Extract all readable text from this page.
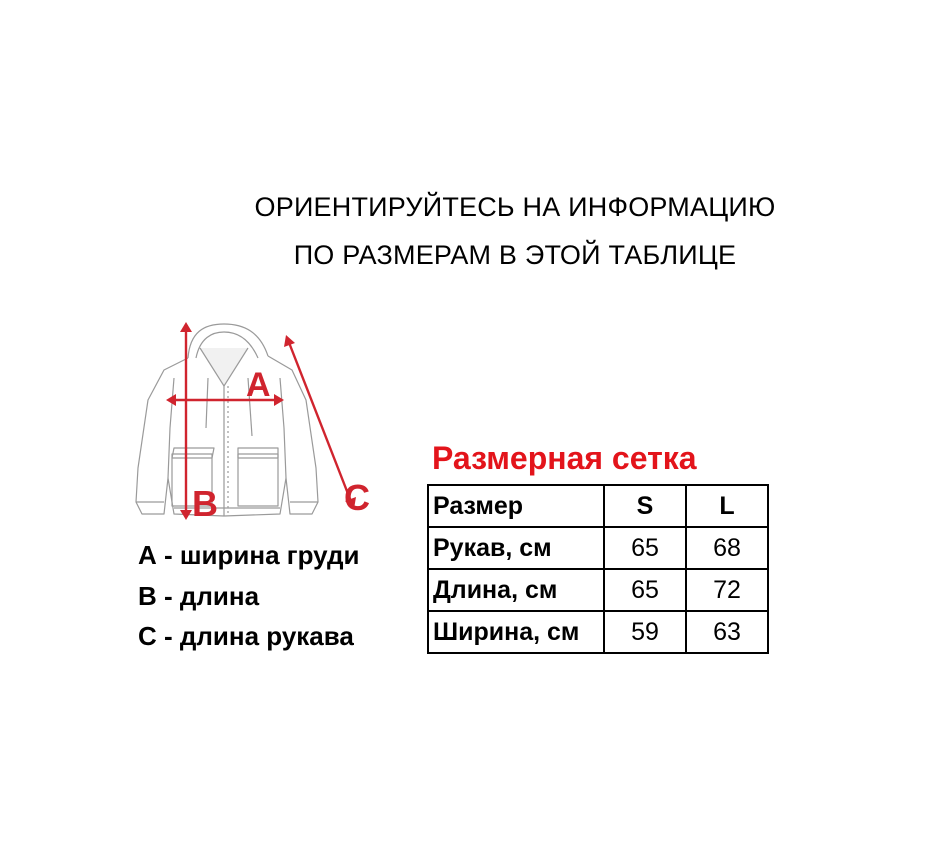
ОРИЕНТИРУЙТЕСЬ НА ИНФОРМАЦИЮ
ПО РАЗМЕРАМ В ЭТОЙ ТАБЛИЦЕ
A
B	C
А - ширина груди
В - длина
С - длина рукава
Размерная сетка
Размер	S	L
Рукав, см	65	68
Длина, см	65	72
Ширина, см	59	63
